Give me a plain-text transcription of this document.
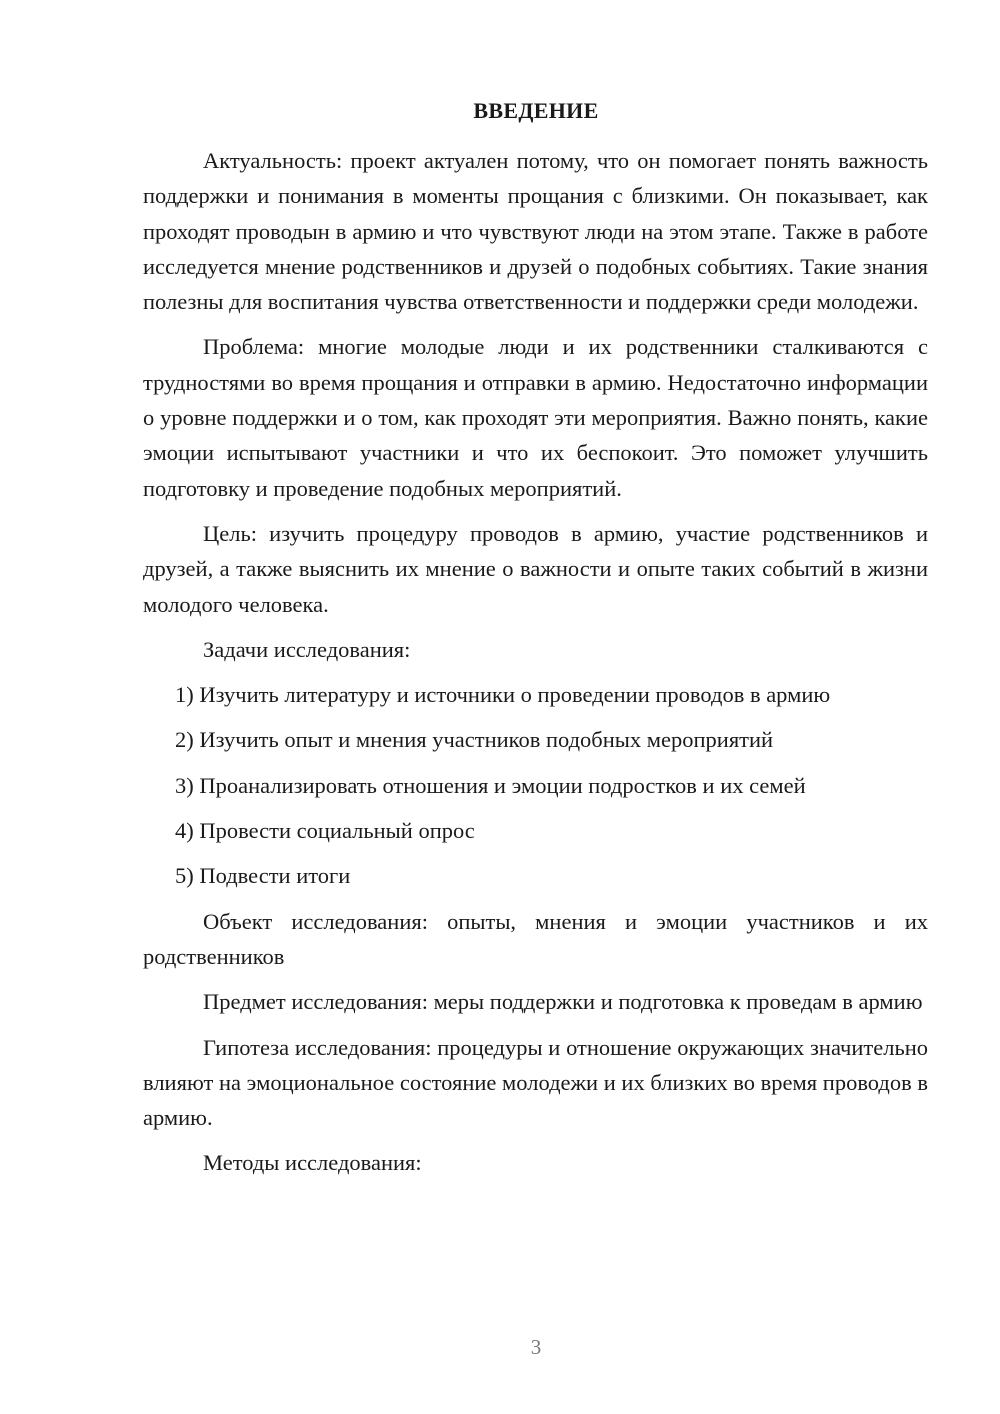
ВВЕДЕНИЕ

Актуальность: проект актуален потому, что он помогает понять важность поддержки и понимания в моменты прощания с близкими. Он показывает, как проходят проводын в армию и что чувствуют люди на этом этапе. Также в работе исследуется мнение родственников и друзей о подобных событиях. Такие знания полезны для воспитания чувства ответственности и поддержки среди молодежи.

Проблема: многие молодые люди и их родственники сталкиваются с трудностями во время прощания и отправки в армию. Недостаточно информации о уровне поддержки и о том, как проходят эти мероприятия. Важно понять, какие эмоции испытывают участники и что их беспокоит. Это поможет улучшить подготовку и проведение подобных мероприятий.

Цель: изучить процедуру проводов в армию, участие родственников и друзей, а также выяснить их мнение о важности и опыте таких событий в жизни молодого человека.

Задачи исследования:

1) Изучить литературу и источники о проведении проводов в армию
2) Изучить опыт и мнения участников подобных мероприятий
3) Проанализировать отношения и эмоции подростков и их семей
4) Провести социальный опрос
5) Подвести итоги

Объект исследования: опыты, мнения и эмоции участников и их родственников

Предмет исследования: меры поддержки и подготовка к проведам в армию

Гипотеза исследования: процедуры и отношение окружающих значительно влияют на эмоциональное состояние молодежи и их близких во время проводов в армию.

Методы исследования:

3
